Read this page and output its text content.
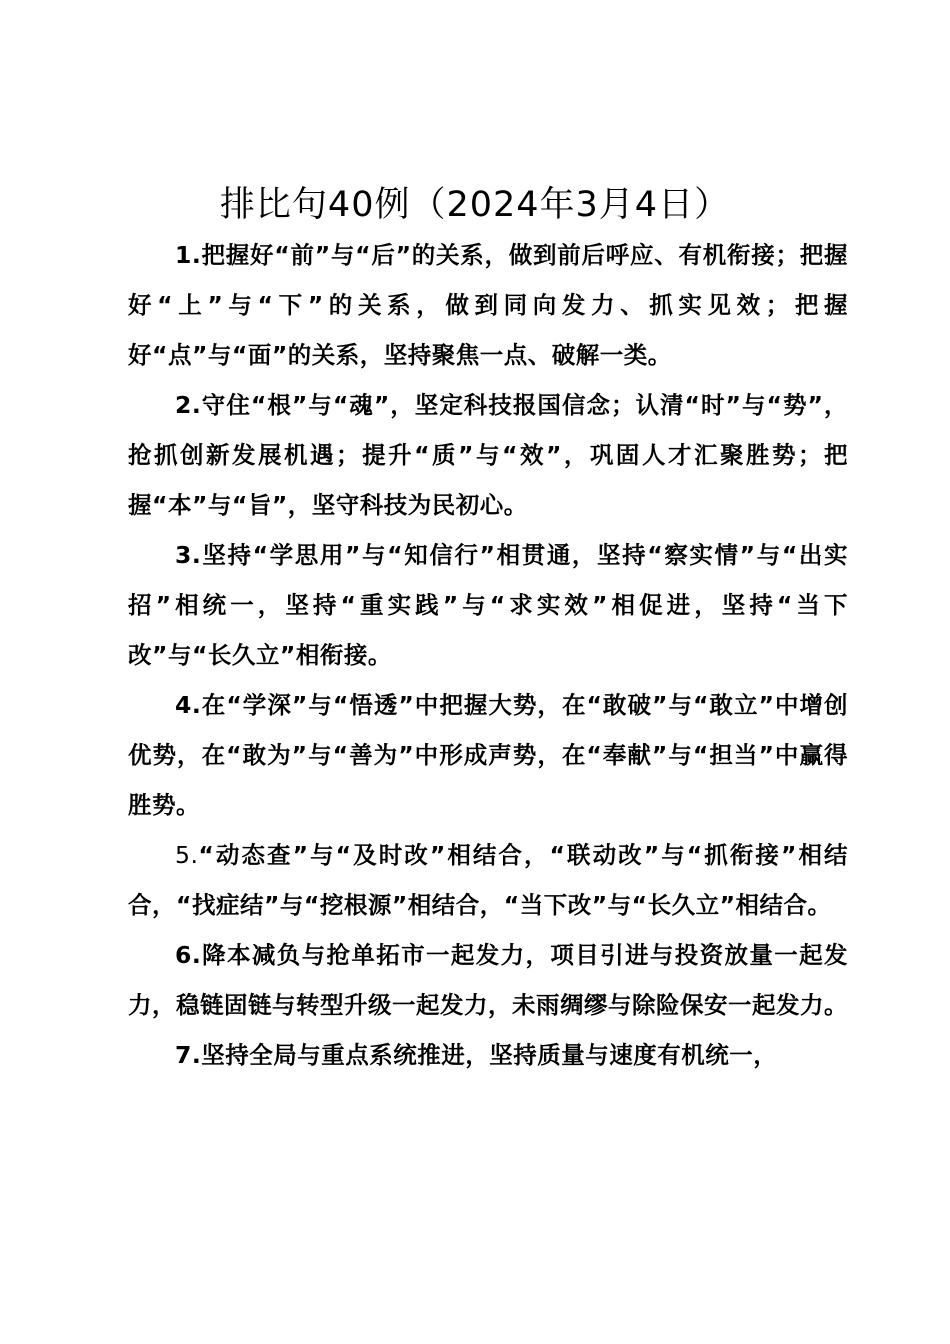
排比句40例（2024年3月4日）

1.把握好“前”与“后”的关系，做到前后呼应、有机衔接；把握好“上”与“下”的关系，做到同向发力、抓实见效；把握好“点”与“面”的关系，坚持聚焦一点、破解一类。

2.守住“根”与“魂”，坚定科技报国信念；认清“时”与“势”，抢抓创新发展机遇；提升“质”与“效”，巩固人才汇聚胜势；把握“本”与“旨”，坚守科技为民初心。

3.坚持“学思用”与“知信行”相贯通，坚持“察实情”与“出实招”相统一，坚持“重实践”与“求实效”相促进，坚持“当下改”与“长久立”相衔接。

4.在“学深”与“悟透”中把握大势，在“敢破”与“敢立”中增创优势，在“敢为”与“善为”中形成声势，在“奉献”与“担当”中赢得胜势。

5.“动态查”与“及时改”相结合，“联动改”与“抓衔接”相结合，“找症结”与“挖根源”相结合，“当下改”与“长久立”相结合。

6.降本减负与抢单拓市一起发力，项目引进与投资放量一起发力，稳链固链与转型升级一起发力，未雨绸缪与除险保安一起发力。

7.坚持全局与重点系统推进，坚持质量与速度有机统一，
